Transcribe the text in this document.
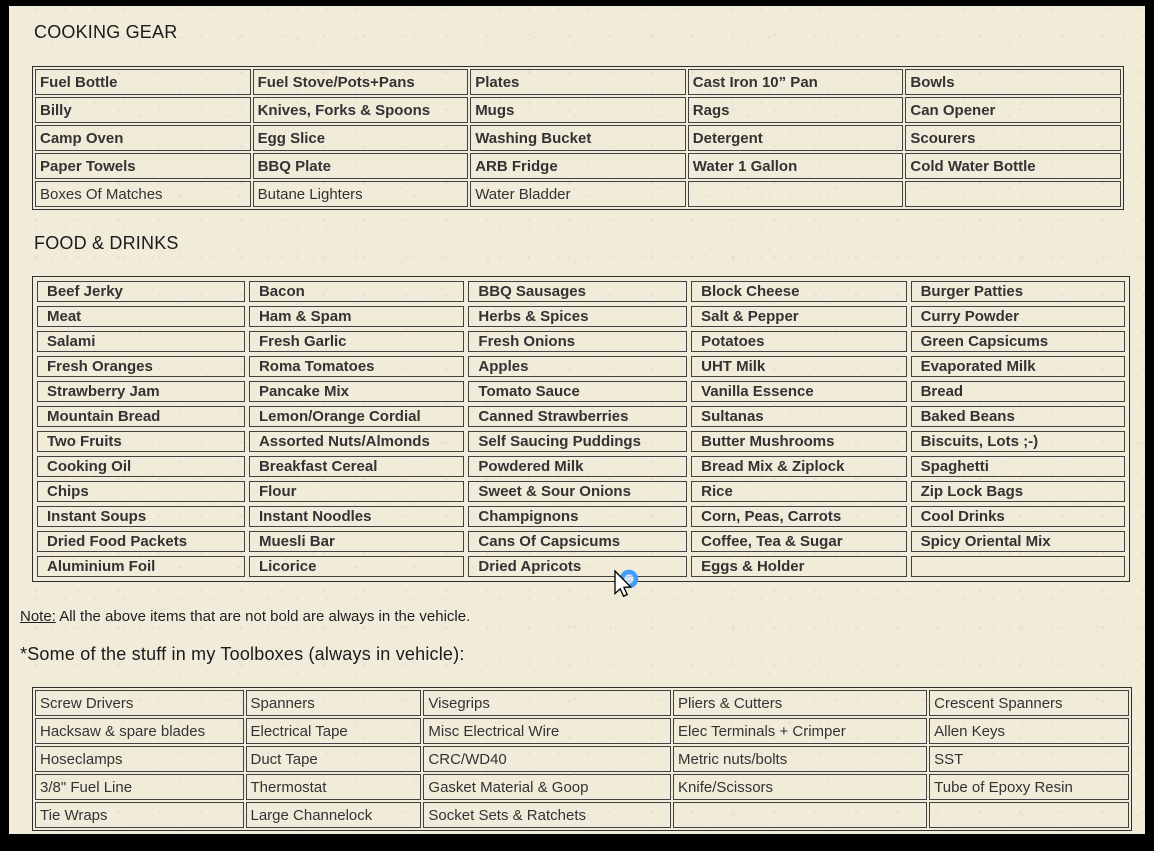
COOKING GEAR
Fuel Bottle	Fuel Stove/Pots+Pans	Plates	Cast Iron 10” Pan	Bowls
Billy	Knives, Forks & Spoons	Mugs	Rags	Can Opener
Camp Oven	Egg Slice	Washing Bucket	Detergent	Scourers
Paper Towels	BBQ Plate	ARB Fridge	Water 1 Gallon	Cold Water Bottle
Boxes Of Matches	Butane Lighters	Water Bladder		
FOOD & DRINKS
Beef Jerky	Bacon	BBQ Sausages	Block Cheese	Burger Patties
Meat	Ham & Spam	Herbs & Spices	Salt & Pepper	Curry Powder
Salami	Fresh Garlic	Fresh Onions	Potatoes	Green Capsicums
Fresh Oranges	Roma Tomatoes	Apples	UHT Milk	Evaporated Milk
Strawberry Jam	Pancake Mix	Tomato Sauce	Vanilla Essence	Bread
Mountain Bread	Lemon/Orange Cordial	Canned Strawberries	Sultanas	Baked Beans
Two Fruits	Assorted Nuts/Almonds	Self Saucing Puddings	Butter Mushrooms	Biscuits, Lots ;-)
Cooking Oil	Breakfast Cereal	Powdered Milk	Bread Mix & Ziplock	Spaghetti
Chips	Flour	Sweet & Sour Onions	Rice	Zip Lock Bags
Instant Soups	Instant Noodles	Champignons	Corn, Peas, Carrots	Cool Drinks
Dried Food Packets	Muesli Bar	Cans Of Capsicums	Coffee, Tea & Sugar	Spicy Oriental Mix
Aluminium Foil	Licorice	Dried Apricots	Eggs & Holder	

Note: All the above items that are not bold are always in the vehicle.

*Some of the stuff in my Toolboxes (always in vehicle):
Screw Drivers	Spanners	Visegrips	Pliers & Cutters	Crescent Spanners
Hacksaw & spare blades	Electrical Tape	Misc Electrical Wire	Elec Terminals + Crimper	Allen Keys
Hoseclamps	Duct Tape	CRC/WD40	Metric nuts/bolts	SST
3/8" Fuel Line	Thermostat	Gasket Material & Goop	Knife/Scissors	Tube of Epoxy Resin
Tie Wraps	Large Channelock	Socket Sets & Ratchets		
